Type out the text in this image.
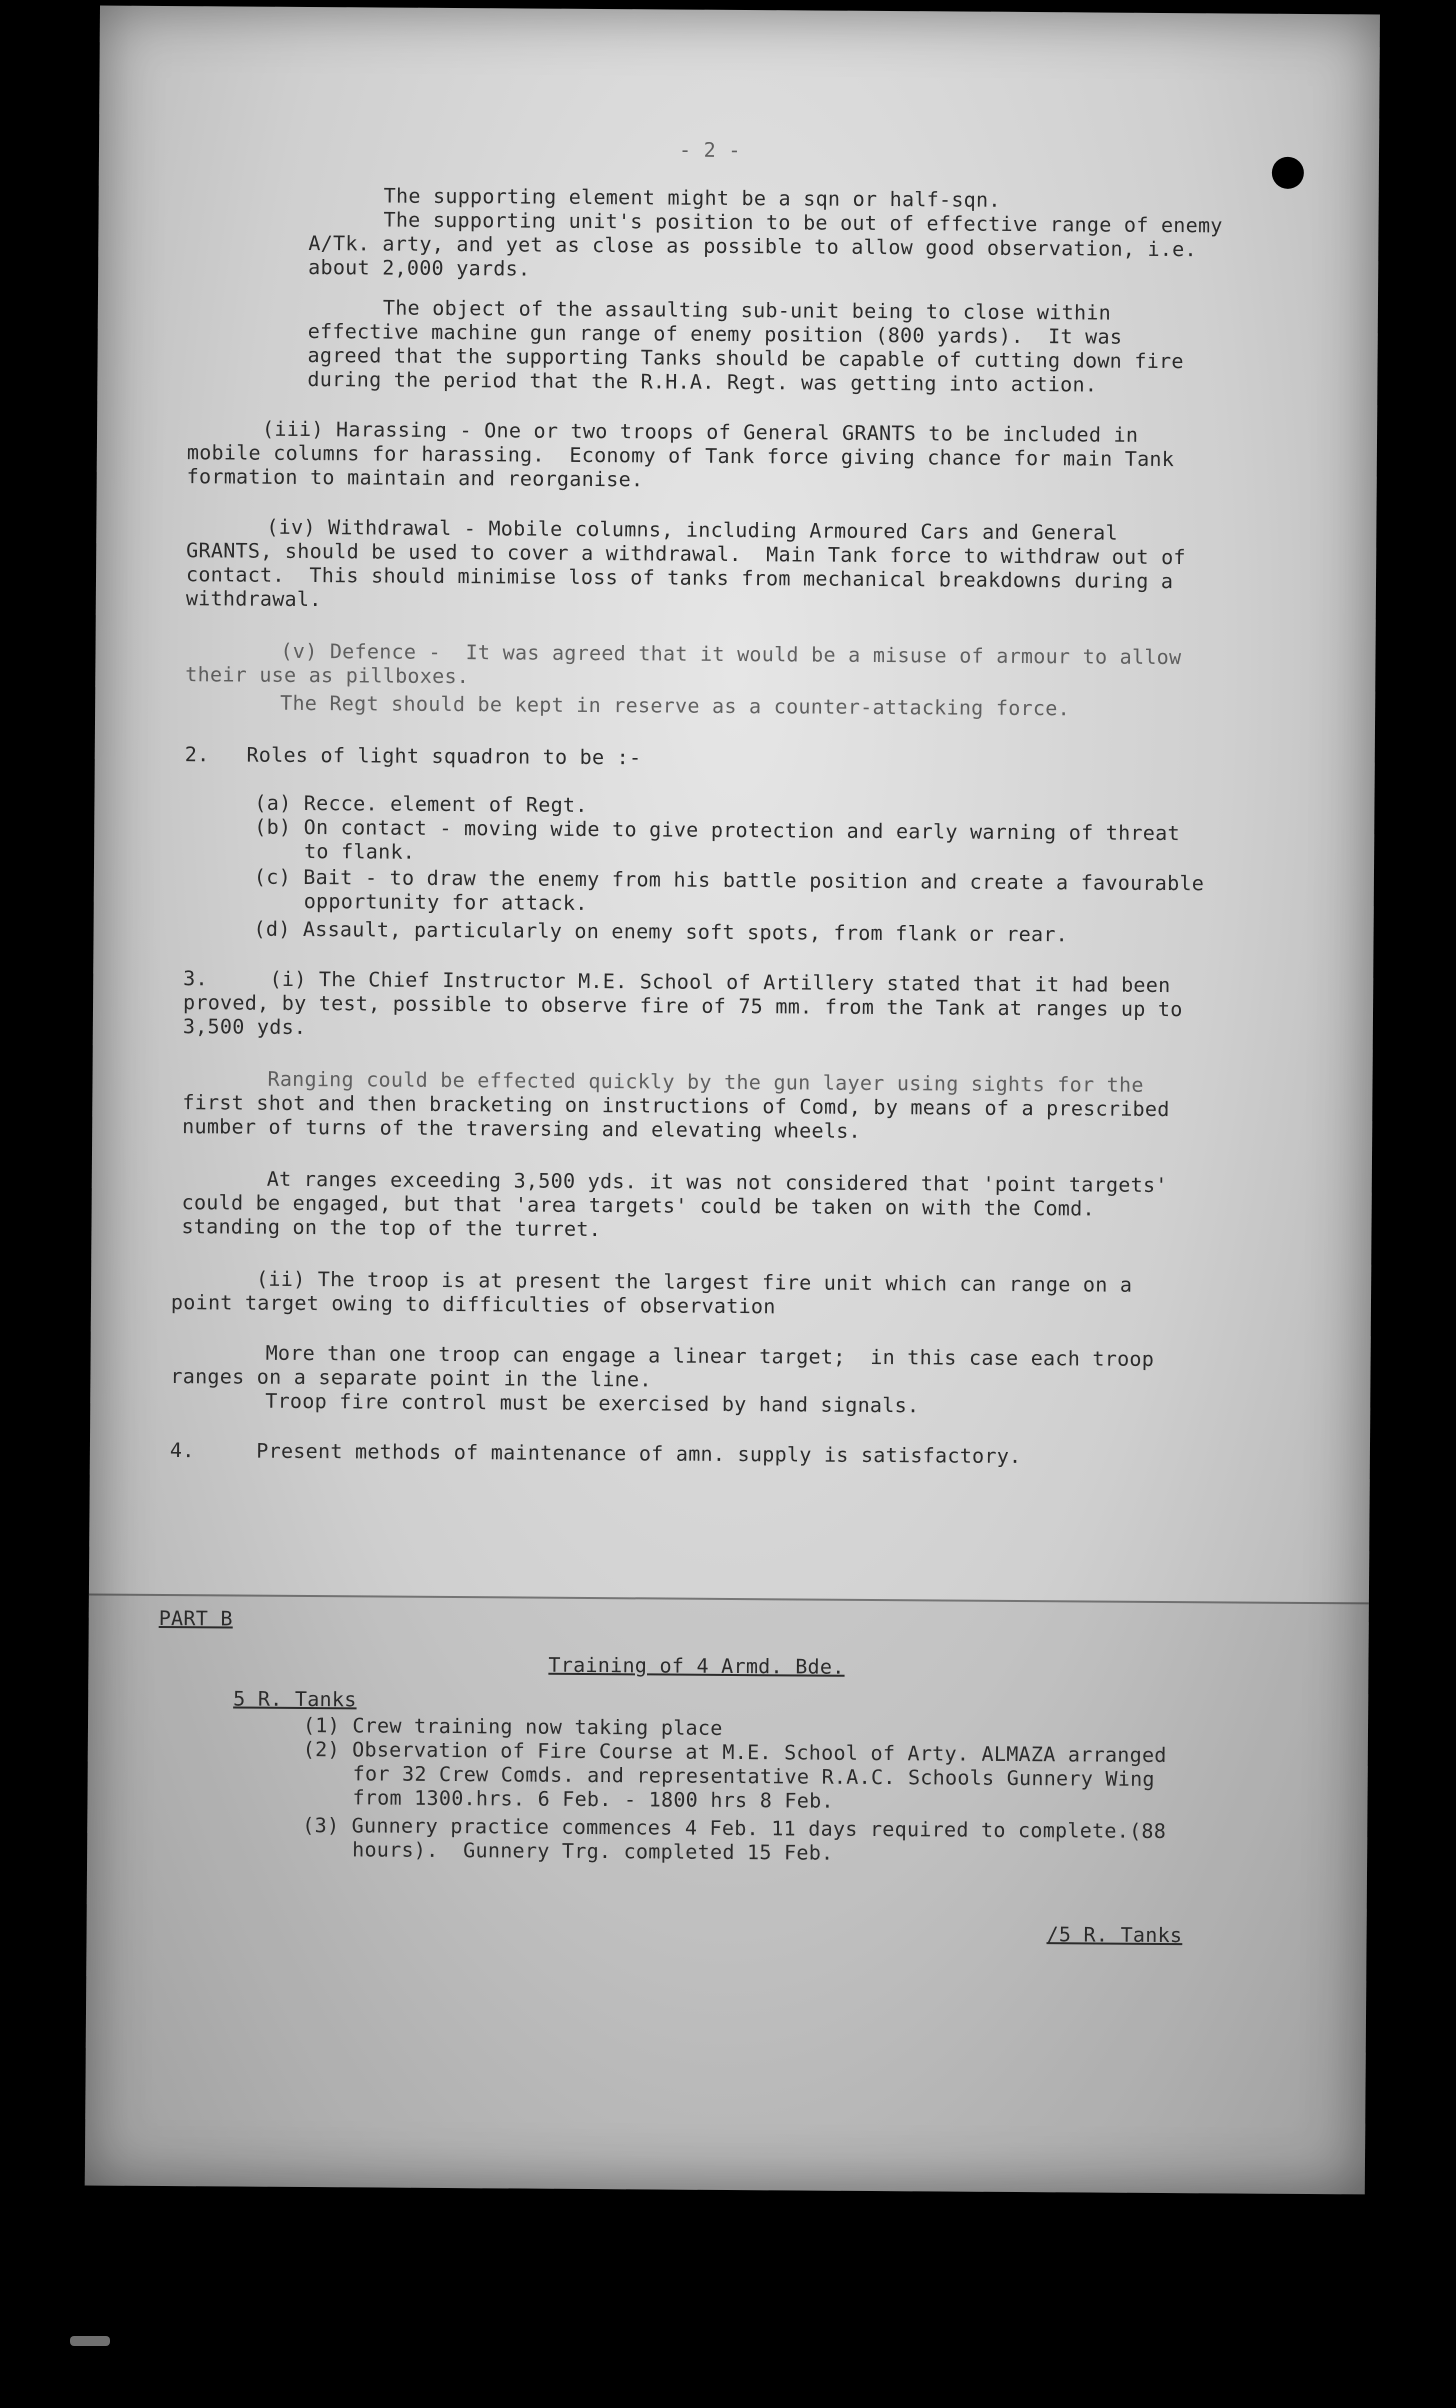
- 2 -
The supporting element might be a sqn or half-sqn.
The supporting unit's position to be out of effective range of enemy
A/Tk. arty, and yet as close as possible to allow good observation, i.e.
about 2,000 yards.
The object of the assaulting sub-unit being to close within
effective machine gun range of enemy position (800 yards).  It was
agreed that the supporting Tanks should be capable of cutting down fire
during the period that the R.H.A. Regt. was getting into action.
(iii) Harassing - One or two troops of General GRANTS to be included in
mobile columns for harassing.  Economy of Tank force giving chance for main Tank
formation to maintain and reorganise.
(iv) Withdrawal - Mobile columns, including Armoured Cars and General
GRANTS, should be used to cover a withdrawal.  Main Tank force to withdraw out of
contact.  This should minimise loss of tanks from mechanical breakdowns during a
withdrawal.
(v) Defence -  It was agreed that it would be a misuse of armour to allow
their use as pillboxes.
The Regt should be kept in reserve as a counter-attacking force.
2.   Roles of light squadron to be :-
(a) Recce. element of Regt.
(b) On contact - moving wide to give protection and early warning of threat
to flank.
(c) Bait - to draw the enemy from his battle position and create a favourable
opportunity for attack.
(d) Assault, particularly on enemy soft spots, from flank or rear.
3.     (i) The Chief Instructor M.E. School of Artillery stated that it had been
proved, by test, possible to observe fire of 75 mm. from the Tank at ranges up to
3,500 yds.
Ranging could be effected quickly by the gun layer using sights for the
first shot and then bracketing on instructions of Comd, by means of a prescribed
number of turns of the traversing and elevating wheels.
At ranges exceeding 3,500 yds. it was not considered that 'point targets'
could be engaged, but that 'area targets' could be taken on with the Comd.
standing on the top of the turret.
(ii) The troop is at present the largest fire unit which can range on a
point target owing to difficulties of observation
More than one troop can engage a linear target;  in this case each troop
ranges on a separate point in the line.
Troop fire control must be exercised by hand signals.
4.     Present methods of maintenance of amn. supply is satisfactory.
PART B
Training of 4 Armd. Bde.
5 R. Tanks
(1) Crew training now taking place
(2) Observation of Fire Course at M.E. School of Arty. ALMAZA arranged
for 32 Crew Comds. and representative R.A.C. Schools Gunnery Wing
from 1300.hrs. 6 Feb. - 1800 hrs 8 Feb.
(3) Gunnery practice commences 4 Feb. 11 days required to complete.(88
hours).  Gunnery Trg. completed 15 Feb.
/5 R. Tanks
